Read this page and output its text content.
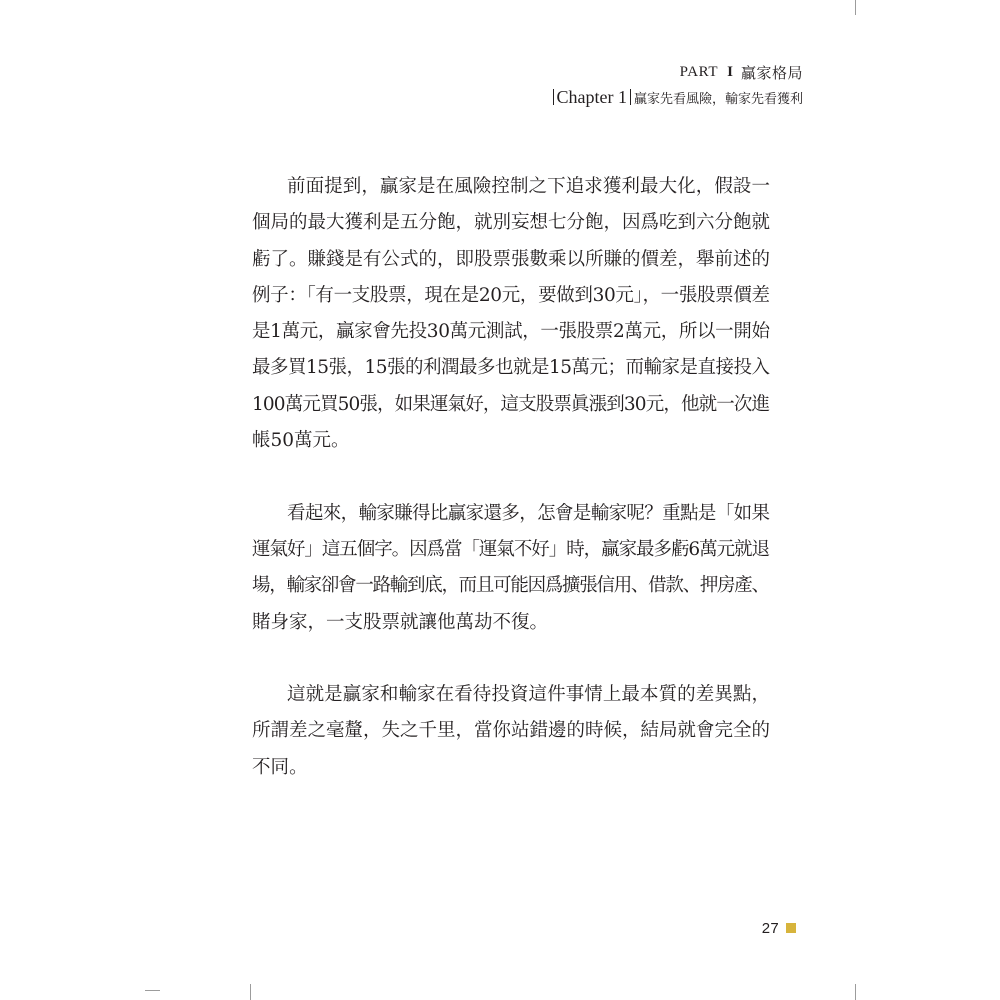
PART I 贏家格局
Chapter 1 贏家先看風險，輸家先看獲利
前面提到，贏家是在風險控制之下追求獲利最大化，假設一
個局的最大獲利是五分飽，就別妄想七分飽，因爲吃到六分飽就
虧了。賺錢是有公式的，即股票張數乘以所賺的價差，舉前述的
例子：「有一支股票，現在是20元，要做到30元」，一張股票價差
是1萬元，贏家會先投30萬元測試，一張股票2萬元，所以一開始
最多買15張，15張的利潤最多也就是15萬元；而輸家是直接投入
100萬元買50張，如果運氣好，這支股票眞漲到30元，他就一次進
帳50萬元。
看起來，輸家賺得比贏家還多，怎會是輸家呢？重點是「如果
運氣好」這五個字。因爲當「運氣不好」時，贏家最多虧6萬元就退
場，輸家卻會一路輸到底，而且可能因爲擴張信用、借款、押房產、
賭身家，一支股票就讓他萬劫不復。
這就是贏家和輸家在看待投資這件事情上最本質的差異點，
所謂差之毫釐，失之千里，當你站錯邊的時候，結局就會完全的
不同。
27
